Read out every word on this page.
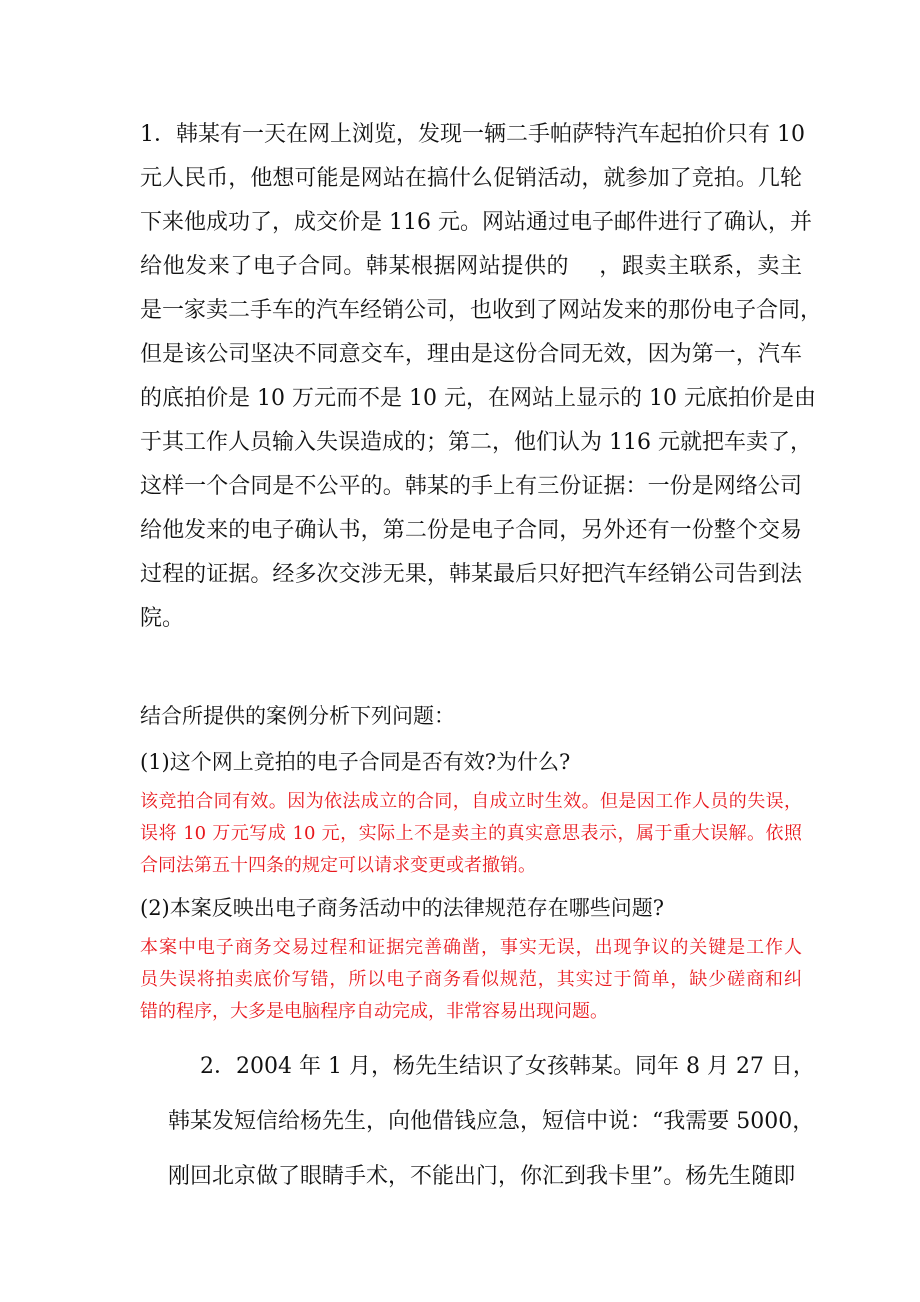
1．韩某有一天在网上浏览，发现一辆二手帕萨特汽车起拍价只有 10
元人民币，他想可能是网站在搞什么促销活动，就参加了竞拍。几轮
下来他成功了，成交价是 116 元。网站通过电子邮件进行了确认，并
给他发来了电子合同。韩某根据网站提供的　 ，跟卖主联系，卖主
是一家卖二手车的汽车经销公司，也收到了网站发来的那份电子合同，
但是该公司坚决不同意交车，理由是这份合同无效，因为第一，汽车
的底拍价是 10 万元而不是 10 元，在网站上显示的 10 元底拍价是由
于其工作人员输入失误造成的；第二，他们认为 116 元就把车卖了，
这样一个合同是不公平的。韩某的手上有三份证据：一份是网络公司
给他发来的电子确认书，第二份是电子合同，另外还有一份整个交易
过程的证据。经多次交涉无果，韩某最后只好把汽车经销公司告到法
院。
结合所提供的案例分析下列问题：
(1)这个网上竞拍的电子合同是否有效?为什么?
该竞拍合同有效。因为依法成立的合同，自成立时生效。但是因工作人员的失误，
误将 10 万元写成 10 元，实际上不是卖主的真实意思表示，属于重大误解。依照
合同法第五十四条的规定可以请求变更或者撤销。
(2)本案反映出电子商务活动中的法律规范存在哪些问题?
本案中电子商务交易过程和证据完善确凿，事实无误，出现争议的关键是工作人
员失误将拍卖底价写错，所以电子商务看似规范，其实过于简单，缺少磋商和纠
错的程序，大多是电脑程序自动完成，非常容易出现问题。
2．2004 年 1 月，杨先生结识了女孩韩某。同年 8 月 27 日，
韩某发短信给杨先生，向他借钱应急，短信中说：“我需要 5000，
刚回北京做了眼睛手术，不能出门，你汇到我卡里”。杨先生随即
